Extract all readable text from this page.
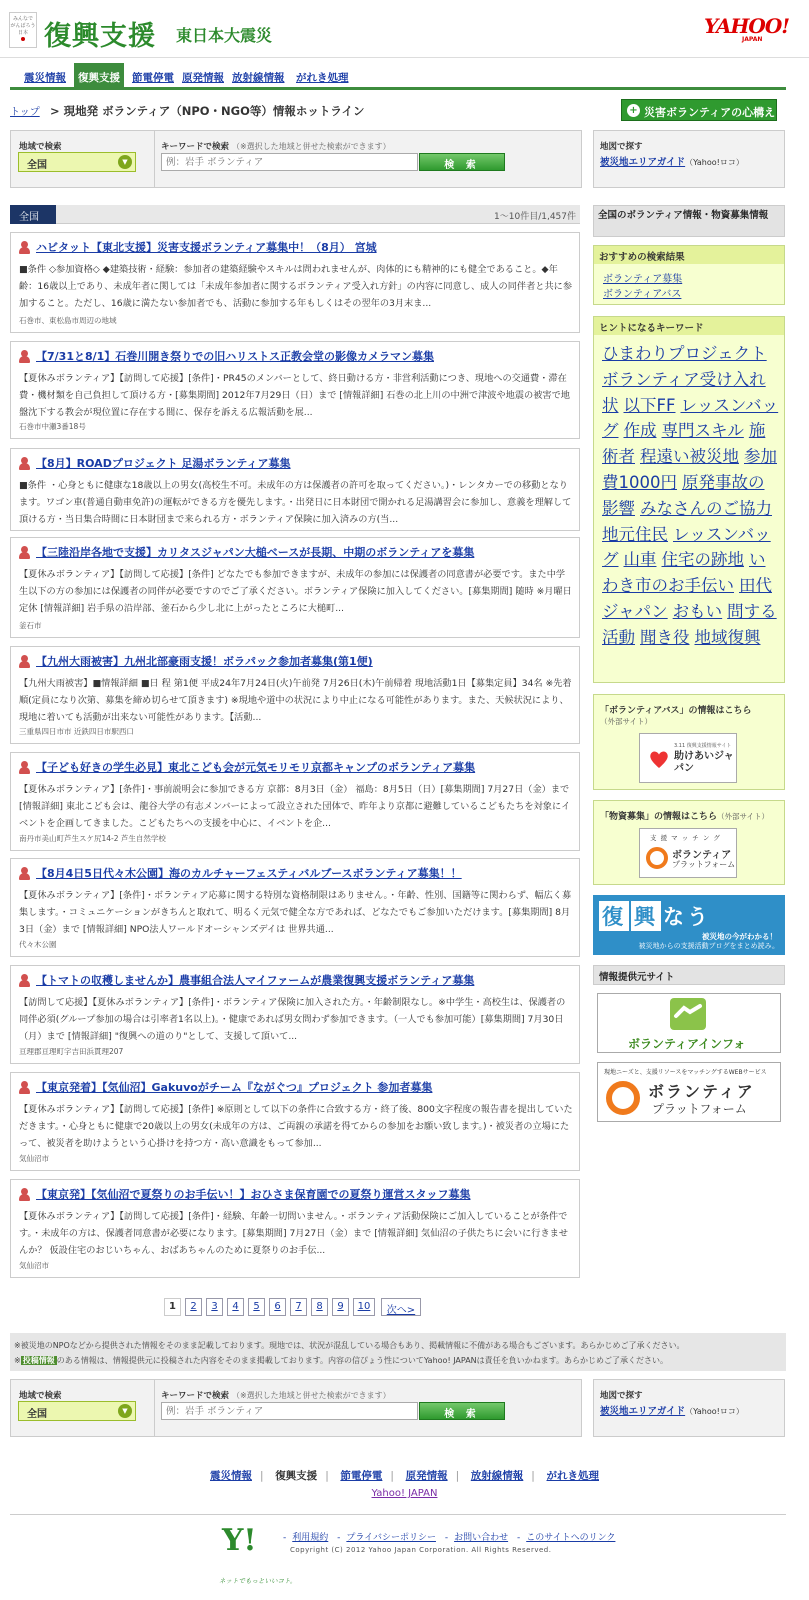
みんなで がんばろう 日本 復興支援 東日本大震災	YAHOO!
JAPAN
震災情報	復興支援	節電停電 原発情報 放射線情報	がれき処理
トップ > 現地発 ボランティア（NPO・NGO等）情報ホットライン	+ 災害ボランティアの心構え
地域で検索
全国	▼
キーワードで検索 （※選択した地域と併せた検索ができます）
例：岩手 ボランティア
検 索
地図で探す
被災地エリアガイド（Yahoo!ロコ）
全国	1〜10件目/1,457件
ハビタット【東北支援】災害支援ボランティア募集中！（8月） 宮城
■条件 ◇参加資格◇ ◆建築技術・経験：参加者の建築経験やスキルは問われませんが、肉体的にも精神的にも健全であること。◆年齢：16歳以上であり、未成年者に関しては「未成年参加者に関するボランティア受入れ方針」の内容に同意し、成人の同伴者と共に参加すること。ただし、16歳に満たない参加者でも、活動に参加する年もしくはその翌年の3月末ま...
石巻市、東松島市周辺の地域
【7/31と8/1】石巻川開き祭りでの旧ハリストス正教会堂の影像カメラマン募集
【夏休みボランティア】【訪問して応援】[条件]・PR45のメンバーとして、終日動ける方・非営利活動につき、現地への交通費・滞在費・機材類を自己負担して頂ける方・[募集期間] 2012年7月29日（日）まで [情報詳細] 石巻の北上川の中洲で津波や地震の被害で地盤沈下する教会が現位置に存在する間に、保存を訴える広報活動を展...
石巻市中瀬3番18号
【8月】ROADプロジェクト 足湯ボランティア募集
■条件 ・心身ともに健康な18歳以上の男女(高校生不可。未成年の方は保護者の許可を取ってください。)・レンタカーでの移動となります。ワゴン車(普通自動車免許)の運転ができる方を優先します。・出発日に日本財団で開かれる足湯講習会に参加し、意義を理解して頂ける方・当日集合時間に日本財団まで来られる方・ボランティア保険に加入済みの方(当...
【三陸沿岸各地で支援】カリタスジャパン大槌ベースが長期、中期のボランティアを募集
【夏休みボランティア】【訪問して応援】[条件] どなたでも参加できますが、未成年の参加には保護者の同意書が必要です。また中学生以下の方の参加には保護者の同伴が必要ですのでご了承ください。ボランティア保険に加入してください。[募集期間] 随時 ※月曜日定休 [情報詳細] 岩手県の沿岸部、釜石から少し北に上がったところに大槌町...
釜石市
【九州大雨被害】九州北部豪雨支援！ボラパック参加者募集(第1便)
【九州大雨被害】■情報詳細 ■日 程 第1便 平成24年7月24日(火)午前発 7月26日(木)午前帰着 現地活動1日【募集定員】34名 ※先着順(定員になり次第、募集を締め切らせて頂きます) ※現地や道中の状況により中止になる可能性があります。また、天候状況により、現地に着いても活動が出来ない可能性があります。【活動...
三重県四日市市 近鉄四日市駅西口
【子ども好きの学生必見】東北こども会が元気モリモリ京都キャンプのボランティア募集
【夏休みボランティア】[条件]・事前説明会に参加できる方 京都：8月3日（金） 福島：8月5日（日）[募集期間] 7月27日（金）まで [情報詳細] 東北こども会は、龍谷大学の有志メンバーによって設立された団体で、昨年より京都に避難しているこどもたちを対象にイベントを企画してきました。こどもたちへの支援を中心に、イベントを企...
南丹市美山町芦生スケ尻14-2 芦生自然学校
【8月4日5日代々木公園】海のカルチャーフェスティバルブースボランティア募集！！
【夏休みボランティア】[条件]・ボランティア応募に関する特別な資格制限はありません。・年齢、性別、国籍等に関わらず、幅広く募集します。・コミュニケーションがきちんと取れて、明るく元気で健全な方であれば、どなたでもご参加いただけます。[募集期間] 8月3日（金）まで [情報詳細] NPO法人ワールドオーシャンズデイは 世界共通...
代々木公園
【トマトの収穫しませんか】農事組合法人マイファームが農業復興支援ボランティア募集
【訪問して応援】【夏休みボランティア】[条件]・ボランティア保険に加入された方。・年齢制限なし。※中学生・高校生は、保護者の同伴必須(グループ参加の場合は引率者1名以上)。・健康であれば男女問わず参加できます。（一人でも参加可能）[募集期間] 7月30日（月）まで [情報詳細] "復興への道のり"として、支援して頂いて...
亘理郡亘理町字吉田浜貫理207
【東京発着】【気仙沼】Gakuvoがチーム『ながぐつ』プロジェクト 参加者募集
【夏休みボランティア】【訪問して応援】[条件] ※原則として以下の条件に合致する方・終了後、800文字程度の報告書を提出していただきます。・心身ともに健康で20歳以上の男女(未成年の方は、ご両親の承諾を得てからの参加をお願い致します。)・被災者の立場にたって、被災者を助けようという心掛けを持つ方・高い意識をもって参加...
気仙沼市
【東京発】【気仙沼で夏祭りのお手伝い！】おひさま保育園での夏祭り運営スタッフ募集
【夏休みボランティア】【訪問して応援】[条件]・経験、年齢一切問いません。・ボランティア活動保険にご加入していることが条件です。・未成年の方は、保護者同意書が必要になります。[募集期間] 7月27日（金）まで [情報詳細] 気仙沼の子供たちに会いに行きませんか？ 仮設住宅のおじいちゃん、おばあちゃんのために夏祭りのお手伝...
気仙沼市
1	2	3	4	5	6	7	8	9	10	次へ>
全国のボランティア情報・物資募集情報
おすすめの検索結果
ボランティア募集
ボランティアバス
ヒントになるキーワード
ひまわりプロジェクトボランティア受け入れ状 以下FF レッスンバッグ 作成 専門スキル 施術者 程遠い被災地 参加費1000円 原発事故の影響 みなさんのご協力地元住民 レッスンバッグ 山車 住宅の跡地 いわき市のお手伝い 田代ジャパン おもい 問する活動 聞き役 地域復興
「ボランティアバス」の情報はこちら
（外部サイト）
3.11 復興支援情報サイト
助けあいジャパン
「物資募集」の情報はこちら（外部サイト）
支 援 マ ッ チ ン グ
ボランティア
プラットフォーム
復 興 なう
被災地の今がわかる！
被災地からの支援活動ブログをまとめ読み。
情報提供元サイト
ボランティアインフォ
現地ニーズと、支援リソースをマッチングするWEBサービス
ボランティア
プラットフォーム
※被災地のNPOなどから提供された情報をそのまま記載しております。現地では、状況が混乱している場合もあり、掲載情報に不備がある場合もございます。あらかじめご了承ください。
※ 投稿情報 のある情報は、情報提供元に投稿された内容をそのまま掲載しております。内容の信ぴょう性についてYahoo! JAPANは責任を負いかねます。あらかじめご了承ください。
地域で検索
全国	▼
キーワードで検索 （※選択した地域と併せた検索ができます）
例：岩手 ボランティア
検 索
地図で探す
被災地エリアガイド（Yahoo!ロコ）
震災情報 | 復興支援 | 節電停電 | 原発情報 | 放射線情報 | がれき処理
Yahoo! JAPAN
Y!
ネットでもっといいコト。
- 利用規約 - プライバシーポリシー - お問い合わせ - このサイトへのリンク
Copyright (C) 2012 Yahoo Japan Corporation. All Rights Reserved.
